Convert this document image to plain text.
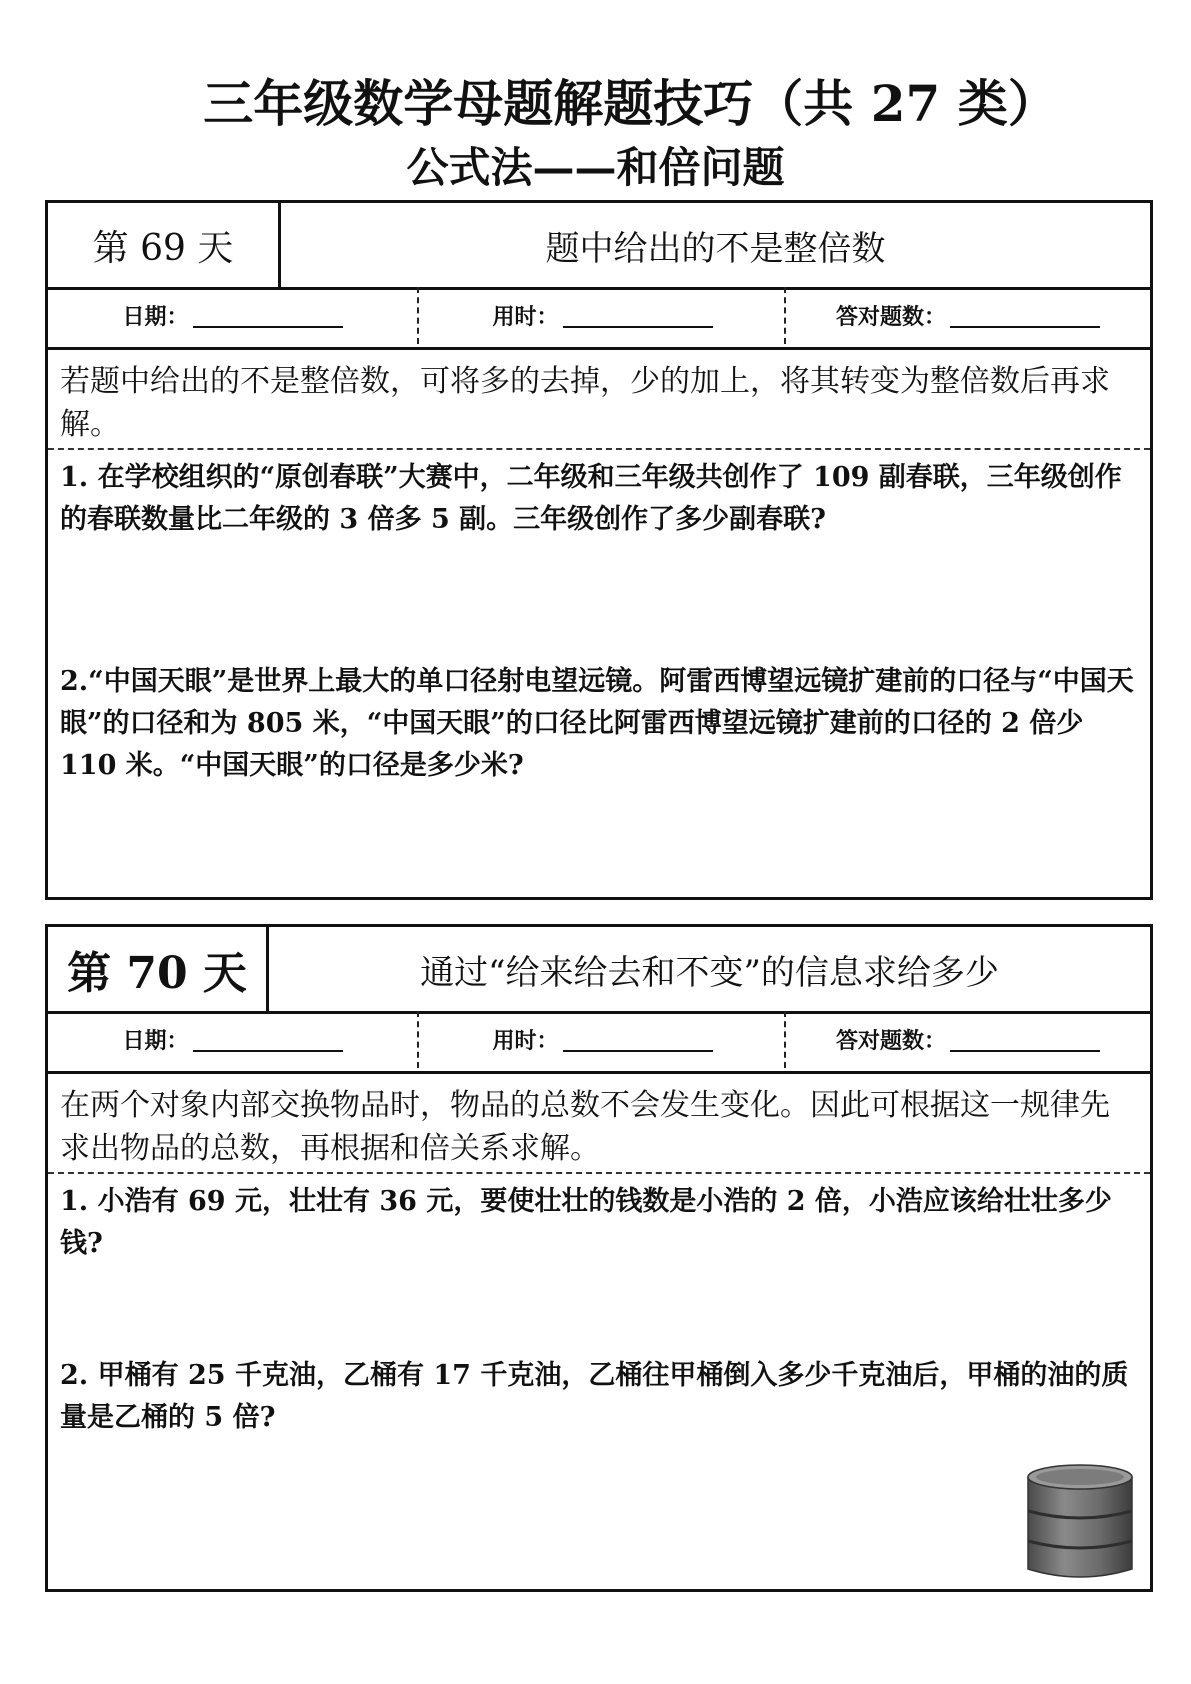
三年级数学母题解题技巧（共 27 类）
公式法——和倍问题
第 69 天	题中给出的不是整倍数
日期：	用时：	答对题数：
若题中给出的不是整倍数，可将多的去掉，少的加上，将其转变为整倍数后再求解。
1. 在学校组织的“原创春联”大赛中，二年级和三年级共创作了 109 副春联，三年级创作的春联数量比二年级的 3 倍多 5 副。三年级创作了多少副春联?
2.“中国天眼”是世界上最大的单口径射电望远镜。阿雷西博望远镜扩建前的口径与“中国天眼”的口径和为 805 米，“中国天眼”的口径比阿雷西博望远镜扩建前的口径的 2 倍少 110 米。“中国天眼”的口径是多少米?
第 70 天	通过“给来给去和不变”的信息求给多少
日期：	用时：	答对题数：
在两个对象内部交换物品时，物品的总数不会发生变化。因此可根据这一规律先求出物品的总数，再根据和倍关系求解。
1. 小浩有 69 元，壮壮有 36 元，要使壮壮的钱数是小浩的 2 倍，小浩应该给壮壮多少钱?
2. 甲桶有 25 千克油，乙桶有 17 千克油，乙桶往甲桶倒入多少千克油后，甲桶的油的质量是乙桶的 5 倍?
